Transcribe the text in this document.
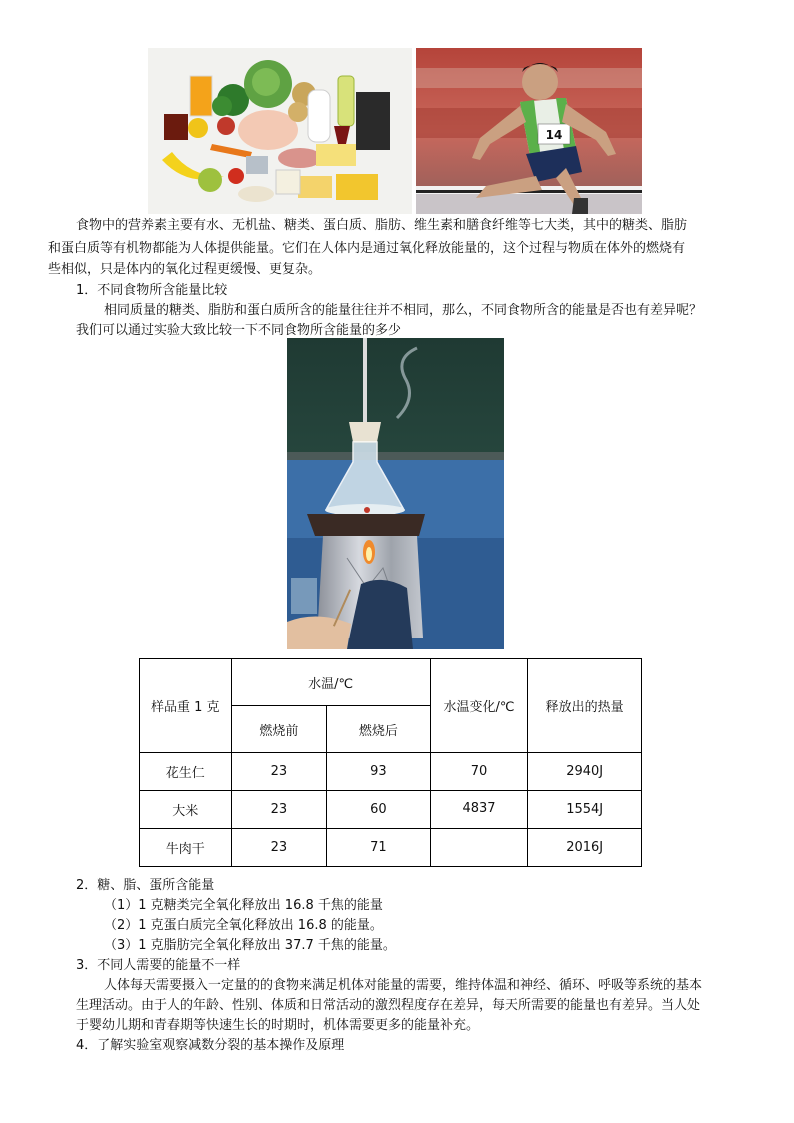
14
食物中的营养素主要有水、无机盐、糖类、蛋白质、脂肪、维生素和膳食纤维等七大类，其中的糖类、脂肪
和蛋白质等有机物都能为人体提供能量。它们在人体内是通过氧化释放能量的，这个过程与物质在体外的燃烧有
些相似，只是体内的氧化过程更缓慢、更复杂。
1．不同食物所含能量比较
相同质量的糖类、脂肪和蛋白质所含的能量往往并不相同，那么，不同食物所含的能量是否也有差异呢？
我们可以通过实验大致比较一下不同食物所含能量的多少
样品重 1 克	水温/℃		水温变化/℃	释放出的热量
	燃烧前	燃烧后		
花生仁	23	93	70	2940J
大米	23	60	4837	1554J
牛肉干	23	71		2016J
2．糖、脂、蛋所含能量
（1）1 克糖类完全氧化释放出 16.8 千焦的能量
（2）1 克蛋白质完全氧化释放出 16.8 的能量。
（3）1 克脂肪完全氧化释放出 37.7 千焦的能量。
3．不同人需要的能量不一样
人体每天需要摄入一定量的的食物来满足机体对能量的需要，维持体温和神经、循环、呼吸等系统的基本
生理活动。由于人的年龄、性别、体质和日常活动的激烈程度存在差异，每天所需要的能量也有差异。当人处
于婴幼儿期和青春期等快速生长的时期时，机体需要更多的能量补充。
4．了解实验室观察减数分裂的基本操作及原理
